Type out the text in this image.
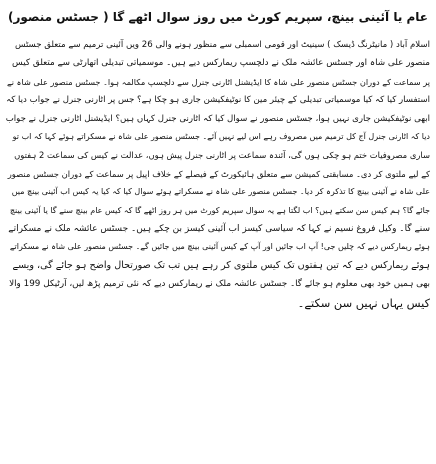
عام یا آئینی بینچ، سپریم کورٹ میں روز سوال اٹھے گا ( جسٹس منصور)
اسلام آباد ( مانیٹرنگ ڈیسک ) سینیٹ اور قومی اسمبلی سے منظور ہونے والی 26 ویں آئینی ترمیم سے متعلق جسٹس
منصور علی شاہ اور جسٹس عائشہ ملک نے دلچسپ ریمارکس دیے ہیں۔ موسمیاتی تبدیلی اتھارٹی سے متعلق کیس
پر سماعت کے دوران جسٹس منصور علی شاہ کا ایڈیشنل اٹارنی جنرل سے دلچسپ مکالمہ ہوا۔ جسٹس منصور علی شاہ نے
استفسار کیا کہ کیا موسمیاتی تبدیلی کے چیئر مین کا نوٹیفکیشن جاری ہو چکا ہے؟ جس پر اٹارنی جنرل نے جواب دیا کہ
ابھی نوٹیفکیشن جاری نہیں ہوا، جسٹس منصور نے سوال کیا کہ اٹارنی جنرل کہاں ہیں؟ ایڈیشنل اٹارنی جنرل نے جواب
دیا کہ اٹارنی جنرل آج کل ترمیم میں مصروف رہے اس لیے نہیں آئے۔ جسٹس منصور علی شاہ نے مسکراتے ہوئے کہا کہ اب تو
ساری مصروفیات ختم ہو چکی ہوں گی، آئندہ سماعت پر اٹارنی جنرل پیش ہوں، عدالت نے کیس کی سماعت 2 ہفتوں
کے لیے ملتوی کر دی۔ مسابقتی کمیشن سے متعلق ہائیکورٹ کے فیصلے کے خلاف اپیل پر سماعت کے دوران جسٹس منصور
علی شاہ نے آئینی بینچ کا تذکرہ کر دیا۔ جسٹس منصور علی شاہ نے مسکراتے ہوئے سوال کیا کہ کیا یہ کیس اب آئینی بینچ میں
جائے گا؟ ہم کیس سن سکتے ہیں؟ اب لگتا ہے یہ سوال سپریم کورٹ میں ہر روز اٹھے گا کہ کیس عام بینچ سنے گا یا آئینی بینچ
سنے گا۔ وکیل فروغ نسیم نے کہا کہ سیاسی کیسز اب آئینی کیسز بن چکے ہیں۔ جسٹس عائشہ ملک نے مسکراتے
ہوئے ریمارکس دیے کہ چلیں جی! آپ اب جائیں اور آپ کے کیس آئینی بینچ میں جائیں گے۔ جسٹس منصور علی شاہ نے مسکراتے
ہوئے ریمارکس دیے کہ تین ہفتوں تک کیس ملتوی کر رہے ہیں تب تک صورتحال واضح ہو جائے گی، ویسے
بھی ہمیں خود بھی معلوم ہو جائے گا۔ جسٹس عائشہ ملک نے ریمارکس دیے کہ نئی ترمیم پڑھ لیں، آرٹیکل 199 والا
کیس یہاں نہیں سن سکتے۔
